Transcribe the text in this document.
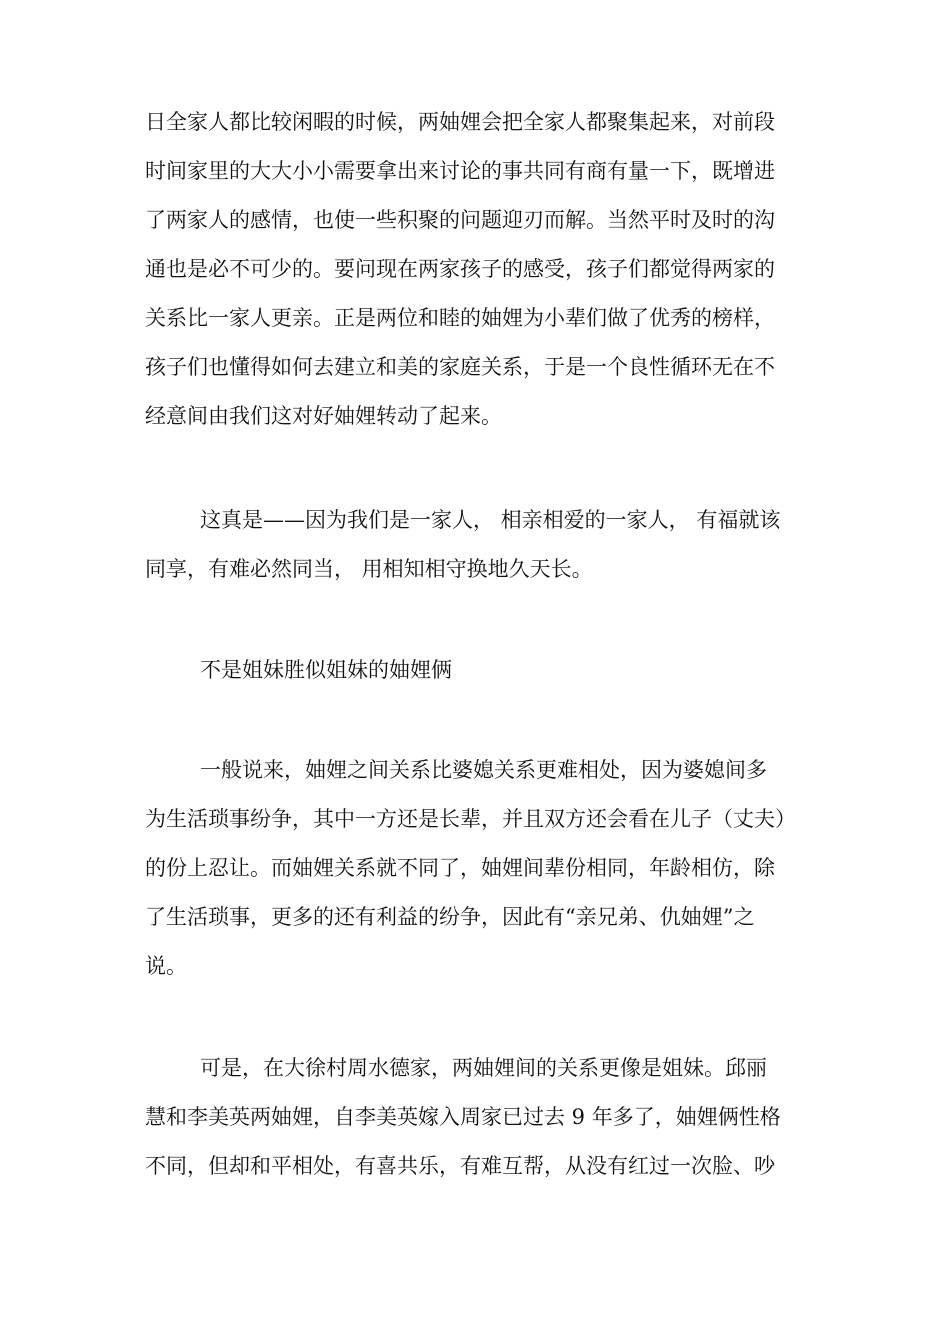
日全家人都比较闲暇的时候，两妯娌会把全家人都聚集起来，对前段
时间家里的大大小小需要拿出来讨论的事共同有商有量一下，既增进
了两家人的感情，也使一些积聚的问题迎刃而解。当然平时及时的沟
通也是必不可少的。要问现在两家孩子的感受，孩子们都觉得两家的
关系比一家人更亲。正是两位和睦的妯娌为小辈们做了优秀的榜样，
孩子们也懂得如何去建立和美的家庭关系，于是一个良性循环无在不
经意间由我们这对好妯娌转动了起来。

这真是——因为我们是一家人， 相亲相爱的一家人， 有福就该
同享，有难必然同当， 用相知相守换地久天长。

不是姐妹胜似姐妹的妯娌俩

一般说来，妯娌之间关系比婆媳关系更难相处，因为婆媳间多
为生活琐事纷争，其中一方还是长辈，并且双方还会看在儿子（丈夫）
的份上忍让。而妯娌关系就不同了，妯娌间辈份相同，年龄相仿，除
了生活琐事，更多的还有利益的纷争，因此有“亲兄弟、仇妯娌”之
说。

可是，在大徐村周水德家，两妯娌间的关系更像是姐妹。邱丽
慧和李美英两妯娌，自李美英嫁入周家已过去 9 年多了，妯娌俩性格
不同，但却和平相处，有喜共乐，有难互帮，从没有红过一次脸、吵
